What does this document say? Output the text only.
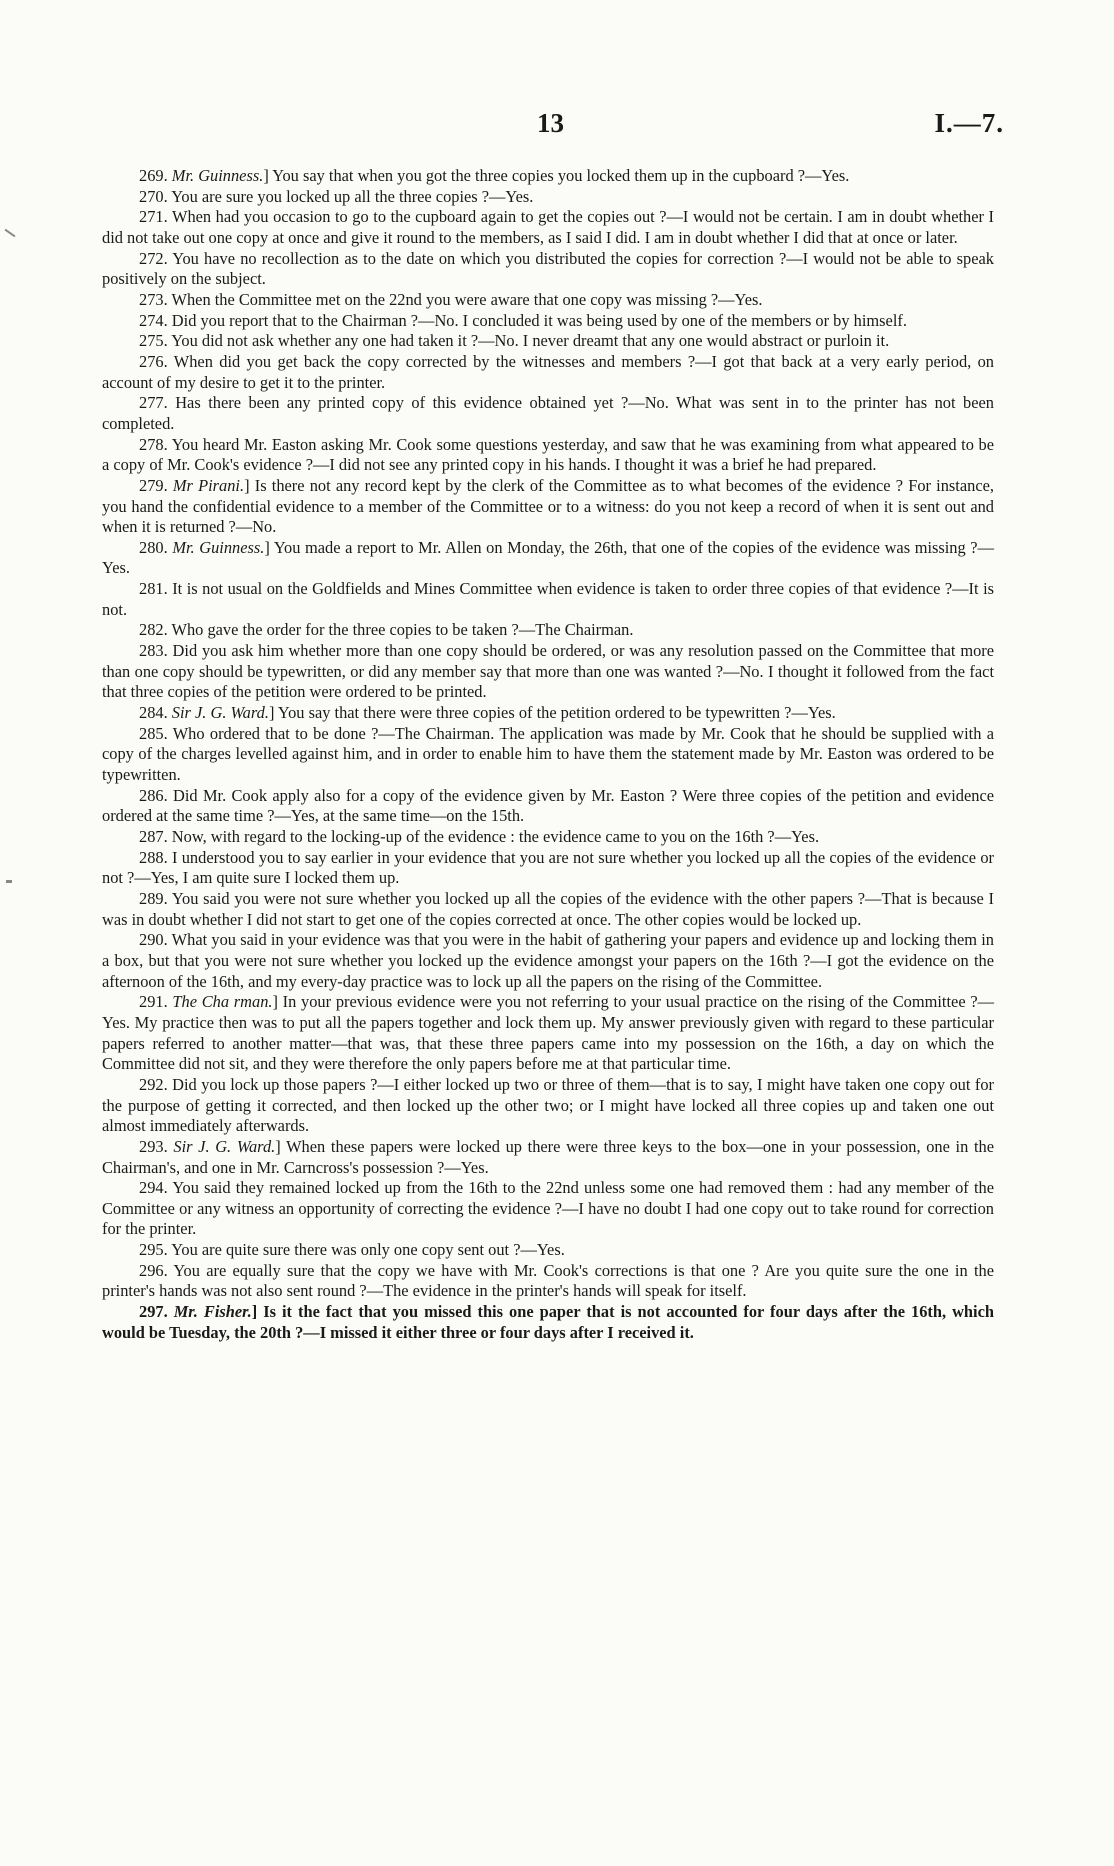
13	I.—7.

269. Mr. Guinness.] You say that when you got the three copies you locked them up in the cupboard ?—Yes.

270. You are sure you locked up all the three copies ?—Yes.

271. When had you occasion to go to the cupboard again to get the copies out ?—I would not be certain. I am in doubt whether I did not take out one copy at once and give it round to the members, as I said I did. I am in doubt whether I did that at once or later.

272. You have no recollection as to the date on which you distributed the copies for correction ?—I would not be able to speak positively on the subject.

273. When the Committee met on the 22nd you were aware that one copy was missing ?—Yes.

274. Did you report that to the Chairman ?—No. I concluded it was being used by one of the members or by himself.

275. You did not ask whether any one had taken it ?—No. I never dreamt that any one would abstract or purloin it.

276. When did you get back the copy corrected by the witnesses and members ?—I got that back at a very early period, on account of my desire to get it to the printer.

277. Has there been any printed copy of this evidence obtained yet ?—No. What was sent in to the printer has not been completed.

278. You heard Mr. Easton asking Mr. Cook some questions yesterday, and saw that he was examining from what appeared to be a copy of Mr. Cook's evidence ?—I did not see any printed copy in his hands. I thought it was a brief he had prepared.

279. Mr Pirani.] Is there not any record kept by the clerk of the Committee as to what becomes of the evidence ? For instance, you hand the confidential evidence to a member of the Committee or to a witness: do you not keep a record of when it is sent out and when it is returned ?—No.

280. Mr. Guinness.] You made a report to Mr. Allen on Monday, the 26th, that one of the copies of the evidence was missing ?—Yes.

281. It is not usual on the Goldfields and Mines Committee when evidence is taken to order three copies of that evidence ?—It is not.

282. Who gave the order for the three copies to be taken ?—The Chairman.

283. Did you ask him whether more than one copy should be ordered, or was any resolution passed on the Committee that more than one copy should be typewritten, or did any member say that more than one was wanted ?—No. I thought it followed from the fact that three copies of the petition were ordered to be printed.

284. Sir J. G. Ward.] You say that there were three copies of the petition ordered to be typewritten ?—Yes.

285. Who ordered that to be done ?—The Chairman. The application was made by Mr. Cook that he should be supplied with a copy of the charges levelled against him, and in order to enable him to have them the statement made by Mr. Easton was ordered to be typewritten.

286. Did Mr. Cook apply also for a copy of the evidence given by Mr. Easton ? Were three copies of the petition and evidence ordered at the same time ?—Yes, at the same time—on the 15th.

287. Now, with regard to the locking-up of the evidence : the evidence came to you on the 16th ?—Yes.

288. I understood you to say earlier in your evidence that you are not sure whether you locked up all the copies of the evidence or not ?—Yes, I am quite sure I locked them up.

289. You said you were not sure whether you locked up all the copies of the evidence with the other papers ?—That is because I was in doubt whether I did not start to get one of the copies corrected at once. The other copies would be locked up.

290. What you said in your evidence was that you were in the habit of gathering your papers and evidence up and locking them in a box, but that you were not sure whether you locked up the evidence amongst your papers on the 16th ?—I got the evidence on the afternoon of the 16th, and my every-day practice was to lock up all the papers on the rising of the Committee.

291. The Cha rman.] In your previous evidence were you not referring to your usual practice on the rising of the Committee ?—Yes. My practice then was to put all the papers together and lock them up. My answer previously given with regard to these particular papers referred to another matter—that was, that these three papers came into my possession on the 16th, a day on which the Committee did not sit, and they were therefore the only papers before me at that particular time.

292. Did you lock up those papers ?—I either locked up two or three of them—that is to say, I might have taken one copy out for the purpose of getting it corrected, and then locked up the other two; or I might have locked all three copies up and taken one out almost immediately afterwards.

293. Sir J. G. Ward.] When these papers were locked up there were three keys to the box—one in your possession, one in the Chairman's, and one in Mr. Carncross's possession ?—Yes.

294. You said they remained locked up from the 16th to the 22nd unless some one had removed them : had any member of the Committee or any witness an opportunity of correcting the evidence ?—I have no doubt I had one copy out to take round for correction for the printer.

295. You are quite sure there was only one copy sent out ?—Yes.

296. You are equally sure that the copy we have with Mr. Cook's corrections is that one ? Are you quite sure the one in the printer's hands was not also sent round ?—The evidence in the printer's hands will speak for itself.

297. Mr. Fisher.] Is it the fact that you missed this one paper that is not accounted for four days after the 16th, which would be Tuesday, the 20th ?—I missed it either three or four days after I received it.
